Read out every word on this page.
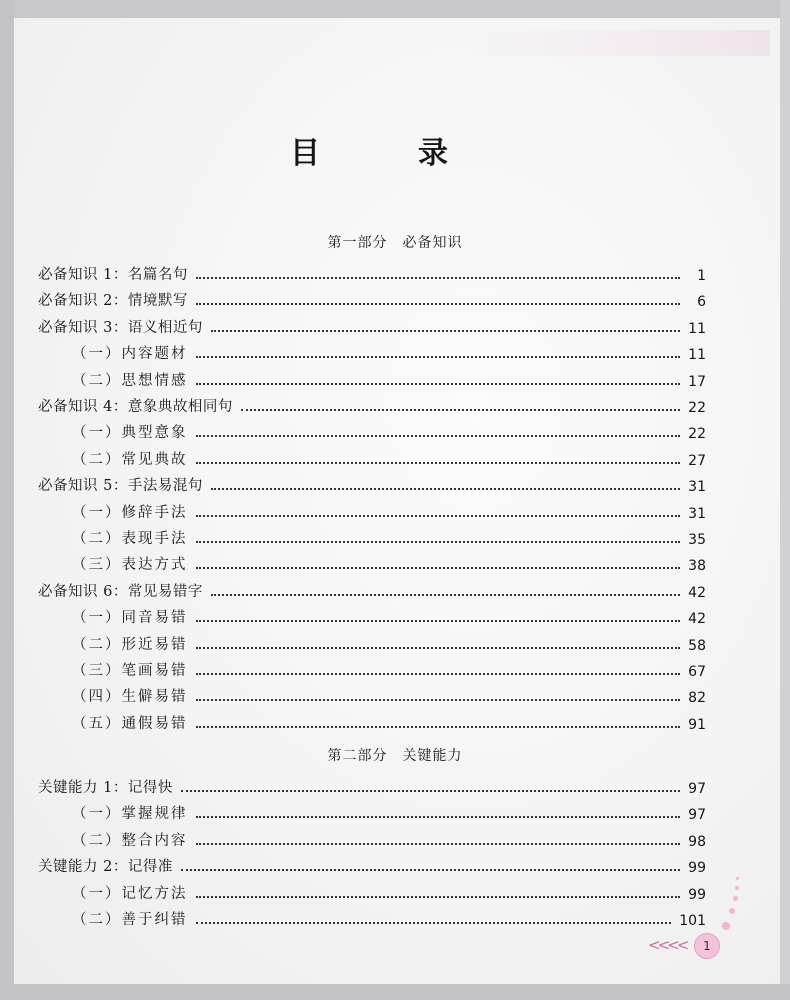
目　录
第一部分　必备知识
必备知识 1：名篇名句	1
必备知识 2：情境默写	6
必备知识 3：语义相近句	11
（一）内容题材	11
（二）思想情感	17
必备知识 4：意象典故相同句	22
（一）典型意象	22
（二）常见典故	27
必备知识 5：手法易混句	31
（一）修辞手法	31
（二）表现手法	35
（三）表达方式	38
必备知识 6：常见易错字	42
（一）同音易错	42
（二）形近易错	58
（三）笔画易错	67
（四）生僻易错	82
（五）通假易错	91
第二部分　关键能力
关键能力 1：记得快	97
（一）掌握规律	97
（二）整合内容	98
关键能力 2：记得准	99
（一）记忆方法	99
（二）善于纠错	101
<<<<	1
